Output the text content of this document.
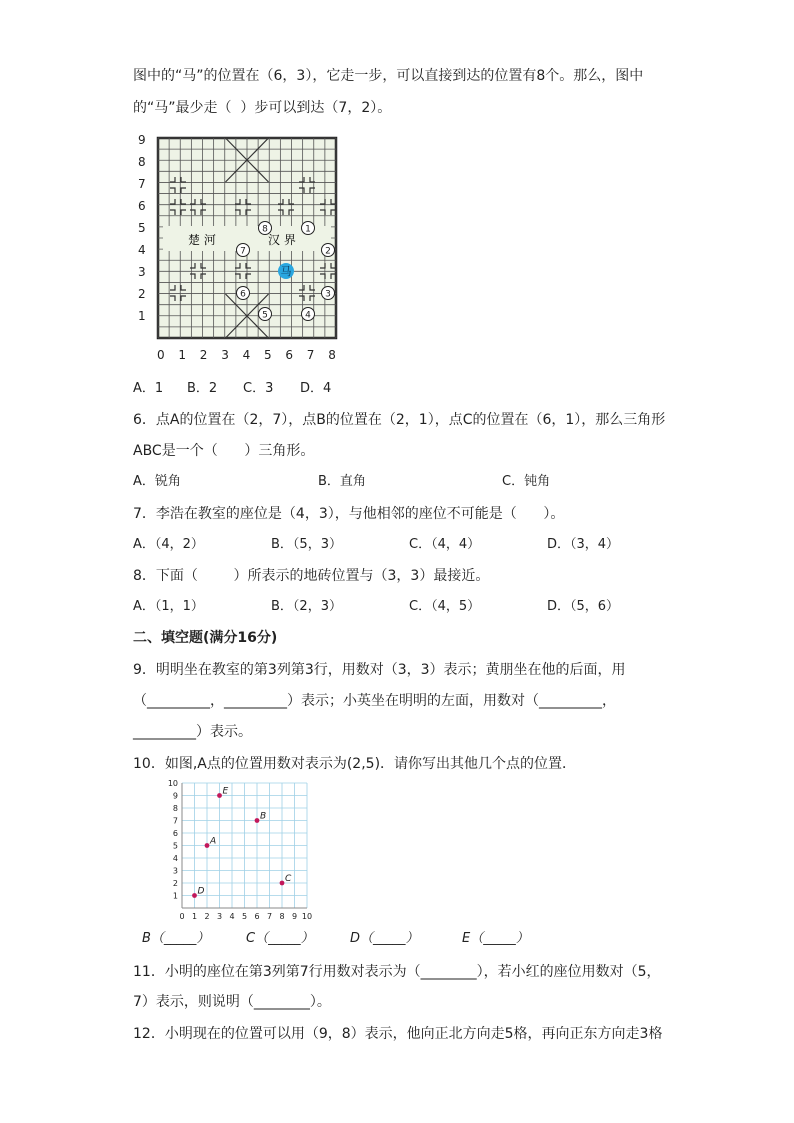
图中的“马”的位置在（6，3），它走一步，可以直接到达的位置有8个。那么，图中
的“马”最少走（  ）步可以到达（7，2）。
9
8
7
6
5
4
3
2
1
0 1 2 3 4 5 6 7 8
楚 河	汉 界
8	1
7	2
3
6
5	4
马
A．1 B．2 C．3 D．4
6．点A的位置在（2，7），点B的位置在（2，1），点C的位置在（6，1），那么三角形
ABC是一个（      ）三角形。
A．锐角	B．直角	C．钝角
7．李浩在教室的座位是（4，3），与他相邻的座位不可能是（      ）。
A．（4，2）	B．（5，3）	C．（4，4）	D．（3，4）
8．下面（        ）所表示的地砖位置与（3，3）最接近。
A．（1，1）	B．（2，3）	C．（4，5）	D．（5，6）
二、填空题(满分16分)
9．明明坐在教室的第3列第3行，用数对（3，3）表示；黄朋坐在他的后面，用
（_________，_________）表示；小英坐在明明的左面，用数对（_________，
_________）表示。
10．如图,A点的位置用数对表示为(2,5)．请你写出其他几个点的位置．
0 1 2 3 4 5 6 7 8 9 10
1
2
3
4
5
6
7
8
9
10
E
B
A
C
D
B（_____）	C（_____）	D（_____）	E（_____）
11．小明的座位在第3列第7行用数对表示为（________），若小红的座位用数对（5，
7）表示，则说明（________）。
12．小明现在的位置可以用（9，8）表示，他向正北方向走5格，再向正东方向走3格
